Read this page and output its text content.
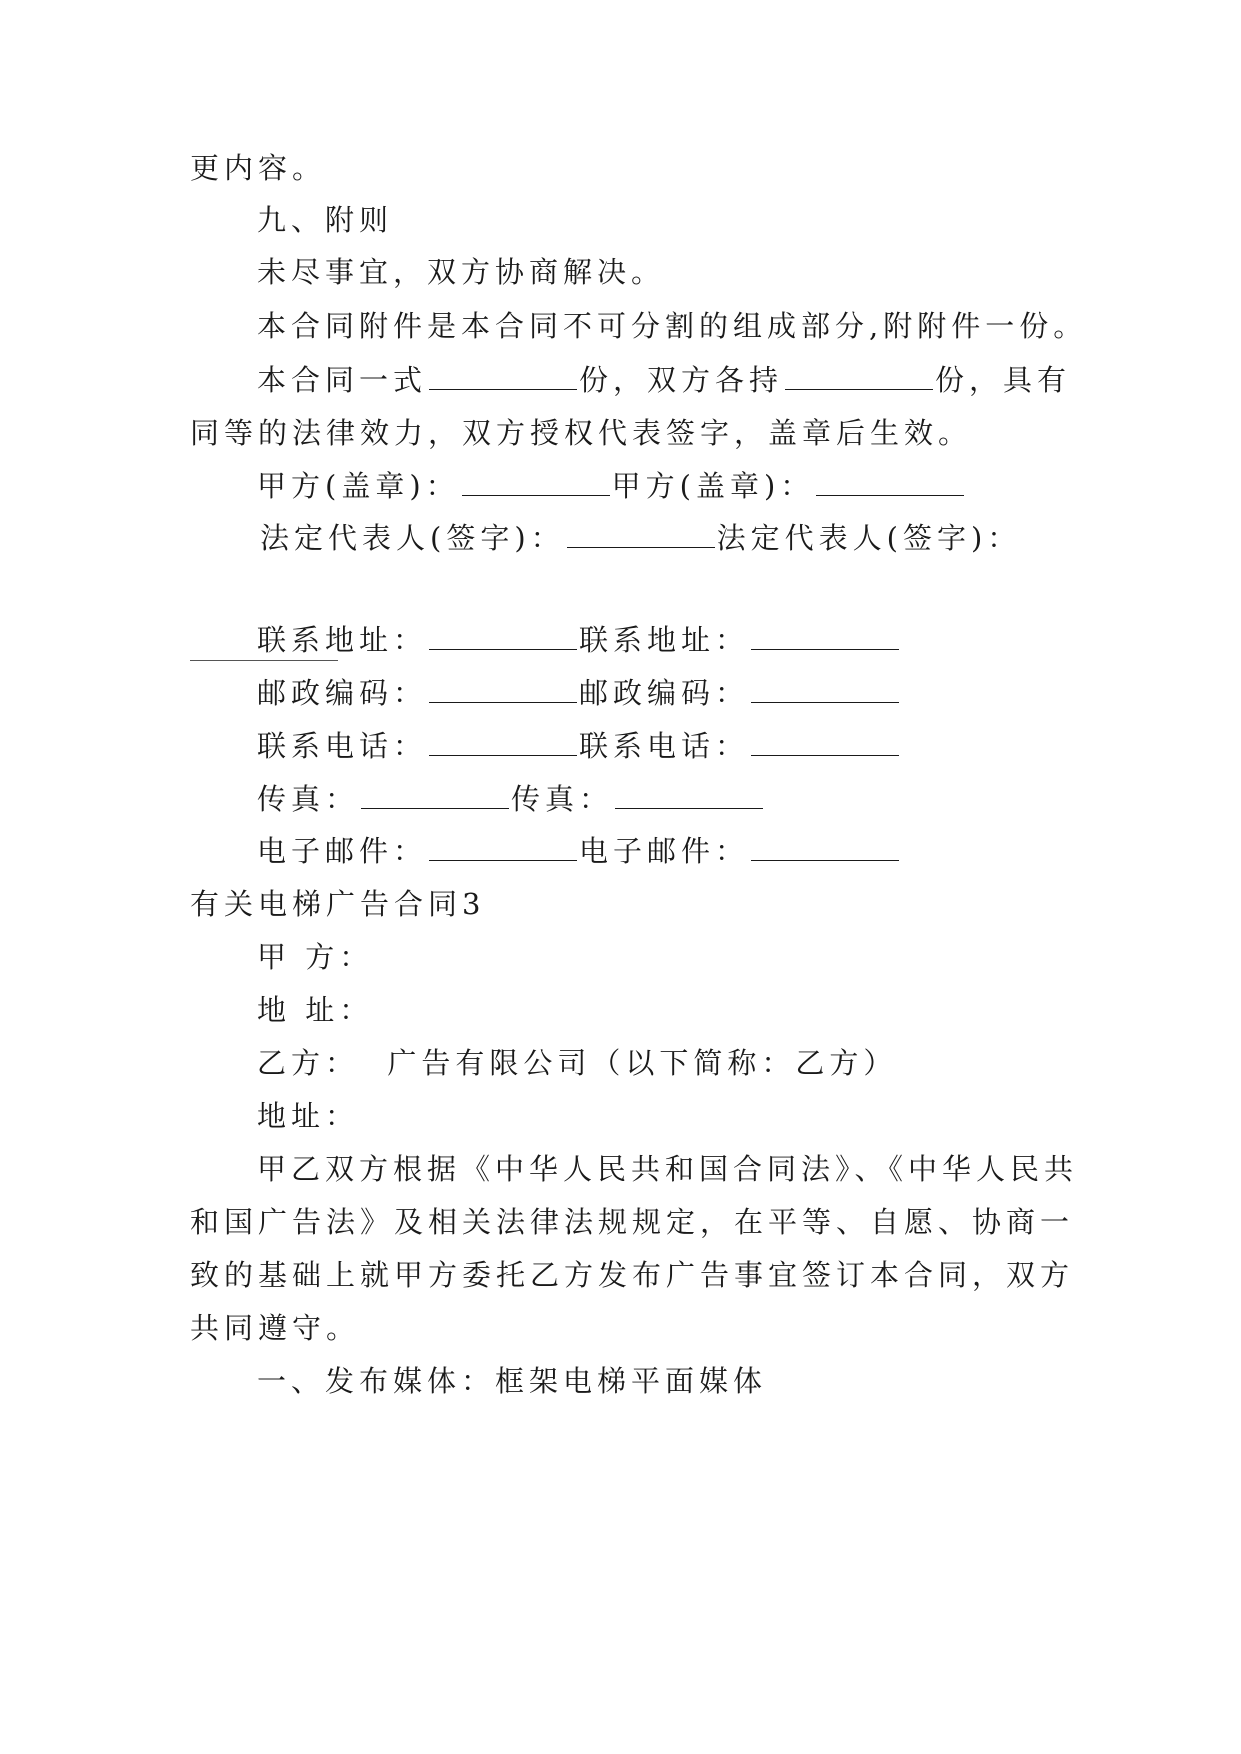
更内容。

九、附则

未尽事宜，双方协商解决。

本合同附件是本合同不可分割的组成部分,附附件一份。

本合同一式	份，双方各持	份，具有

同等的法律效力，双方授权代表签字，盖章后生效。

甲方(盖章)：	甲方(盖章)：

法定代表人(签字)：	法定代表人(签字)：

联系地址：	联系地址：

邮政编码：	邮政编码：

联系电话：	联系电话：

传真：	传真：

电子邮件：	电子邮件：

有关电梯广告合同3

甲 方：

地 址：

乙方：  广告有限公司（以下简称：乙方）

地址：

甲乙双方根据《中华人民共和国合同法》、《中华人民共

和国广告法》及相关法律法规规定，在平等、自愿、协商一

致的基础上就甲方委托乙方发布广告事宜签订本合同，双方

共同遵守。

一、发布媒体：框架电梯平面媒体
